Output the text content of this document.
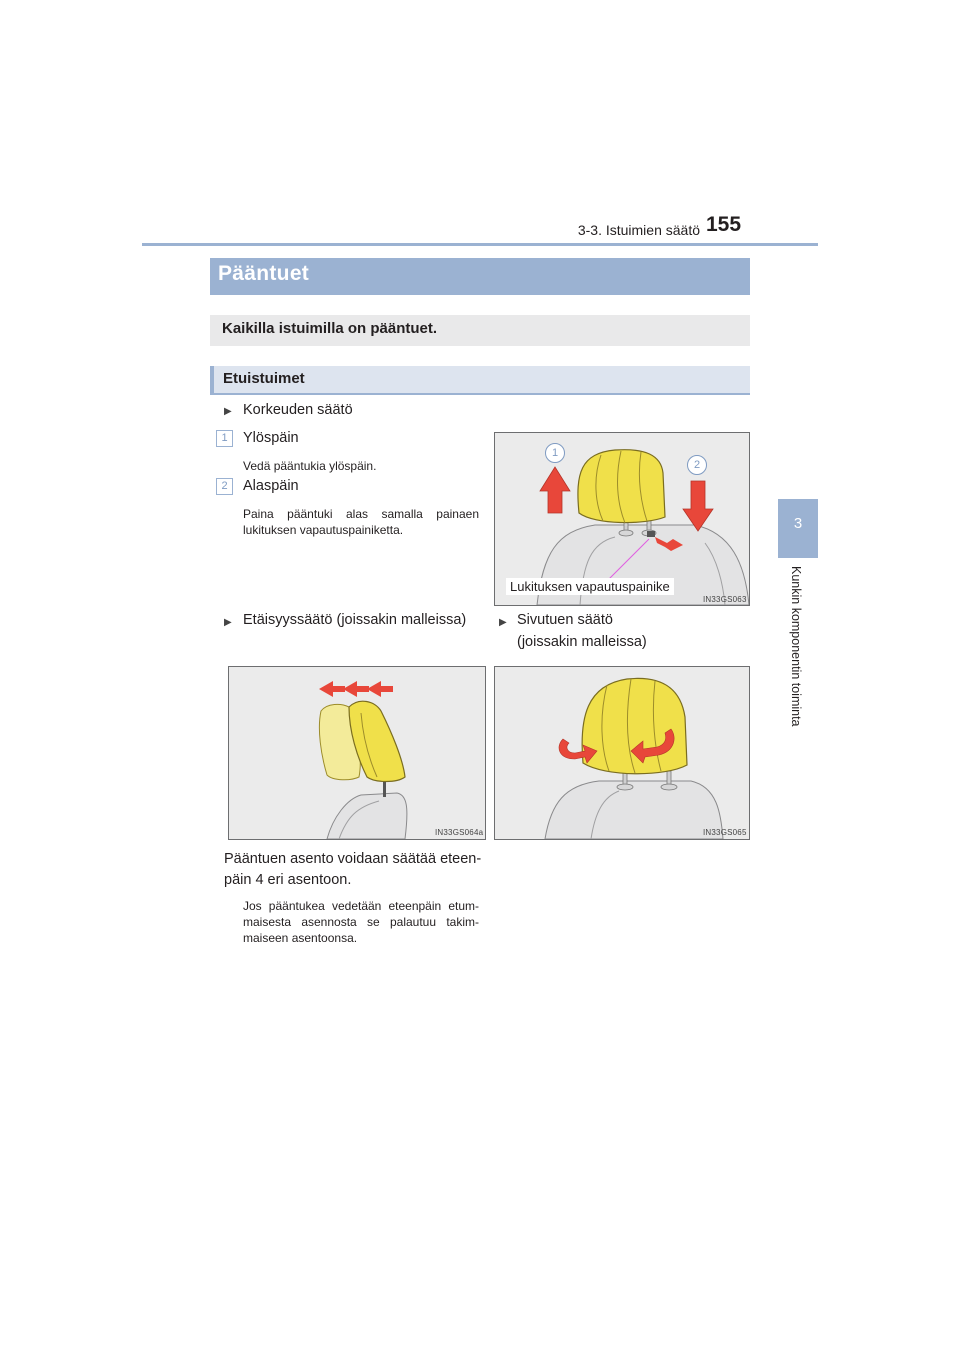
3-3. Istuimien säätö 155
3
Kunkin komponentin toiminta
Pääntuet
Kaikilla istuimilla on pääntuet.
Etuistuimet
▶ Korkeuden säätö
1	Ylöspäin
Vedä pääntukia ylöspäin.
2	Alaspäin
Paina pääntuki alas samalla painaen lukituksen vapautuspainiketta.
1
2
Lukituksen vapautuspainike
IN33GS063
▶ Etäisyyssäätö (joissakin malleissa)	▶ Sivutuen säätö
(joissakin malleissa)
IN33GS064a	IN33GS065
Pääntuen asento voidaan säätää eteen-
päin 4 eri asentoon.
Jos pääntukea vedetään eteenpäin etum- maisesta asennosta se palautuu takim- maiseen asentoonsa.
